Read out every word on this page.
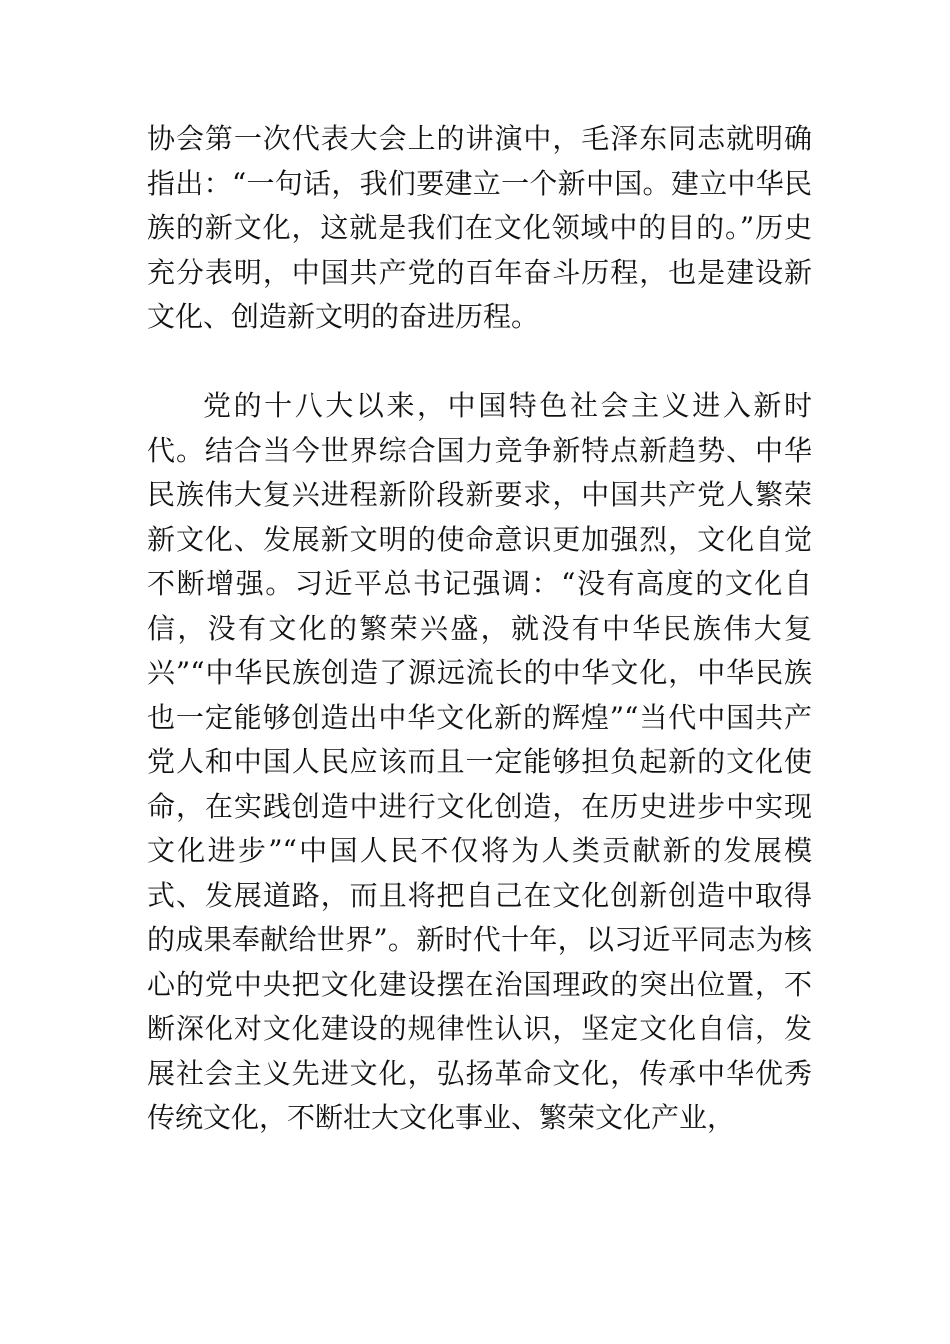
协会第一次代表大会上的讲演中，毛泽东同志就明确指出：“一句话，我们要建立一个新中国。建立中华民族的新文化，这就是我们在文化领域中的目的。”历史充分表明，中国共产党的百年奋斗历程，也是建设新文化、创造新文明的奋进历程。

党的十八大以来，中国特色社会主义进入新时代。结合当今世界综合国力竞争新特点新趋势、中华民族伟大复兴进程新阶段新要求，中国共产党人繁荣新文化、发展新文明的使命意识更加强烈，文化自觉不断增强。习近平总书记强调：“没有高度的文化自信，没有文化的繁荣兴盛，就没有中华民族伟大复兴”“中华民族创造了源远流长的中华文化，中华民族也一定能够创造出中华文化新的辉煌”“当代中国共产党人和中国人民应该而且一定能够担负起新的文化使命，在实践创造中进行文化创造，在历史进步中实现文化进步”“中国人民不仅将为人类贡献新的发展模式、发展道路，而且将把自己在文化创新创造中取得的成果奉献给世界”。新时代十年，以习近平同志为核心的党中央把文化建设摆在治国理政的突出位置，不断深化对文化建设的规律性认识，坚定文化自信，发展社会主义先进文化，弘扬革命文化，传承中华优秀传统文化，不断壮大文化事业、繁荣文化产业，
